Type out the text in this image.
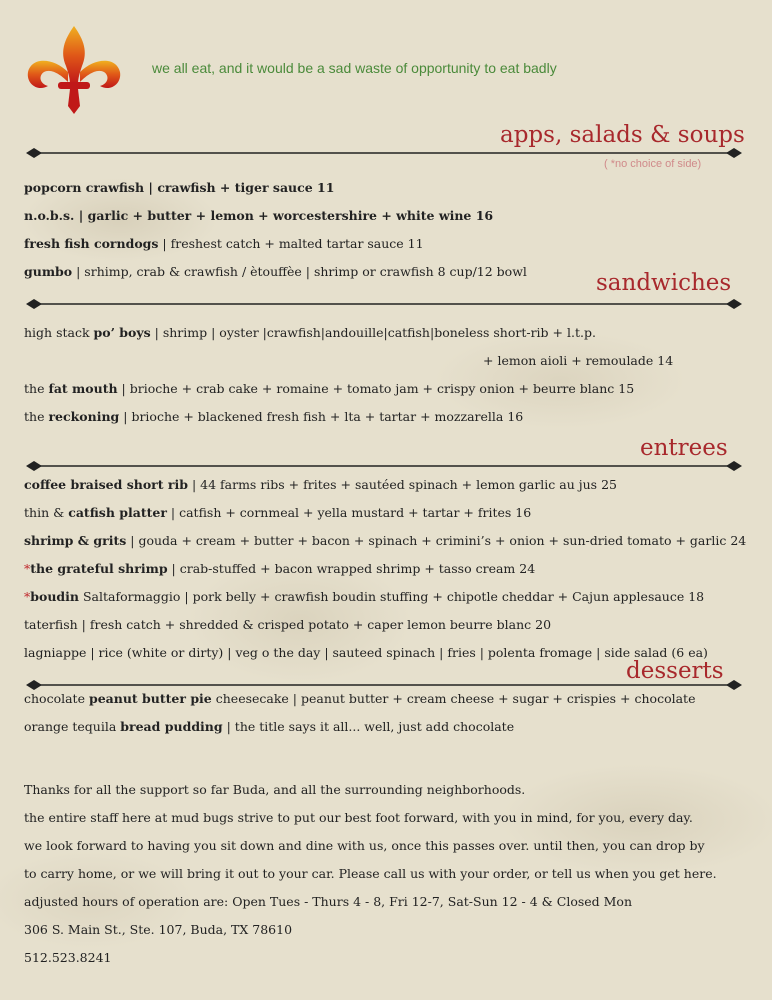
we all eat, and it would be a sad waste of opportunity to eat badly
apps, salads & soups
( *no choice of side)
popcorn crawfish | crawfish + tiger sauce 11
n.o.b.s. | garlic + butter + lemon + worcestershire + white wine 16
fresh fish corndogs | freshest catch + malted tartar sauce 11
gumbo | srhimp, crab & crawfish / ètouffèe | shrimp or crawfish 8 cup/12 bowl	sandwiches
high stack po’ boys | shrimp | oyster |crawfish|andouille|catfish|boneless short-rib + l.t.p.
+ lemon aioli + remoulade 14
the fat mouth | brioche + crab cake + romaine + tomato jam + crispy onion + beurre blanc 15
the reckoning | brioche + blackened fresh fish + lta + tartar + mozzarella 16
entrees
coffee braised short rib | 44 farms ribs + frites + sautéed spinach + lemon garlic au jus 25
thin & catfish platter | catfish + cornmeal + yella mustard + tartar + frites 16
shrimp & grits | gouda + cream + butter + bacon + spinach + crimini’s + onion + sun-dried tomato + garlic 24
*the grateful shrimp | crab-stuffed + bacon wrapped shrimp + tasso cream 24
*boudin Saltaformaggio | pork belly + crawfish boudin stuffing + chipotle cheddar + Cajun applesauce 18
taterfish | fresh catch + shredded & crisped potato + caper lemon beurre blanc 20
lagniappe | rice (white or dirty) | veg o the day | sauteed spinach | fries | polenta fromage | side salad (6 ea)
desserts
chocolate peanut butter pie cheesecake | peanut butter + cream cheese + sugar + crispies + chocolate
orange tequila bread pudding | the title says it all... well, just add chocolate
Thanks for all the support so far Buda, and all the surrounding neighborhoods.
the entire staff here at mud bugs strive to put our best foot forward, with you in mind, for you, every day.
we look forward to having you sit down and dine with us, once this passes over. until then, you can drop by
to carry home, or we will bring it out to your car. Please call us with your order, or tell us when you get here.
adjusted hours of operation are: Open Tues - Thurs 4 - 8, Fri 12-7, Sat-Sun 12 - 4 & Closed Mon
306 S. Main St., Ste. 107, Buda, TX 78610
512.523.8241
